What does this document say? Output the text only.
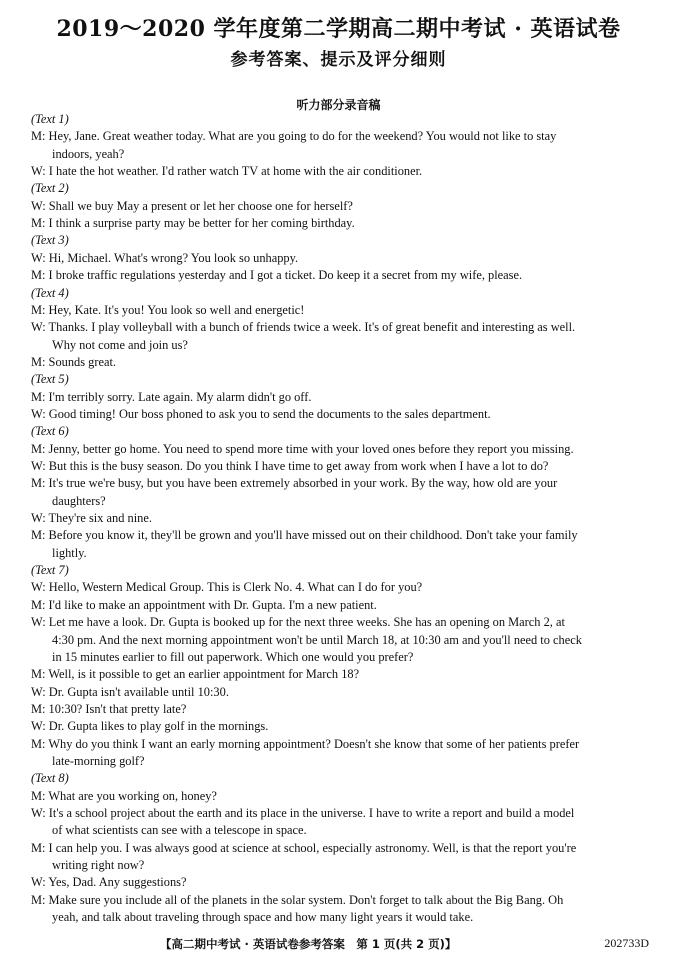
2019～2020 学年度第二学期高二期中考试 · 英语试卷
参考答案、提示及评分细则
听力部分录音稿
(Text 1)
M: Hey, Jane. Great weather today. What are you going to do for the weekend? You would not like to stay
indoors, yeah?
W: I hate the hot weather. I'd rather watch TV at home with the air conditioner.
(Text 2)
W: Shall we buy May a present or let her choose one for herself?
M: I think a surprise party may be better for her coming birthday.
(Text 3)
W: Hi, Michael. What's wrong? You look so unhappy.
M: I broke traffic regulations yesterday and I got a ticket. Do keep it a secret from my wife, please.
(Text 4)
M: Hey, Kate. It's you! You look so well and energetic!
W: Thanks. I play volleyball with a bunch of friends twice a week. It's of great benefit and interesting as well.
Why not come and join us?
M: Sounds great.
(Text 5)
M: I'm terribly sorry. Late again. My alarm didn't go off.
W: Good timing! Our boss phoned to ask you to send the documents to the sales department.
(Text 6)
M: Jenny, better go home. You need to spend more time with your loved ones before they report you missing.
W: But this is the busy season. Do you think I have time to get away from work when I have a lot to do?
M: It's true we're busy, but you have been extremely absorbed in your work. By the way, how old are your
daughters?
W: They're six and nine.
M: Before you know it, they'll be grown and you'll have missed out on their childhood. Don't take your family
lightly.
(Text 7)
W: Hello, Western Medical Group. This is Clerk No. 4. What can I do for you?
M: I'd like to make an appointment with Dr. Gupta. I'm a new patient.
W: Let me have a look. Dr. Gupta is booked up for the next three weeks. She has an opening on March 2, at
4:30 pm. And the next morning appointment won't be until March 18, at 10:30 am and you'll need to check
in 15 minutes earlier to fill out paperwork. Which one would you prefer?
M: Well, is it possible to get an earlier appointment for March 18?
W: Dr. Gupta isn't available until 10:30.
M: 10:30? Isn't that pretty late?
W: Dr. Gupta likes to play golf in the mornings.
M: Why do you think I want an early morning appointment? Doesn't she know that some of her patients prefer
late-morning golf?
(Text 8)
M: What are you working on, honey?
W: It's a school project about the earth and its place in the universe. I have to write a report and build a model
of what scientists can see with a telescope in space.
M: I can help you. I was always good at science at school, especially astronomy. Well, is that the report you're
writing right now?
W: Yes, Dad. Any suggestions?
M: Make sure you include all of the planets in the solar system. Don't forget to talk about the Big Bang. Oh
yeah, and talk about traveling through space and how many light years it would take.
【高二期中考试 · 英语试卷参考答案　第 1 页(共 2 页)】	202733D
